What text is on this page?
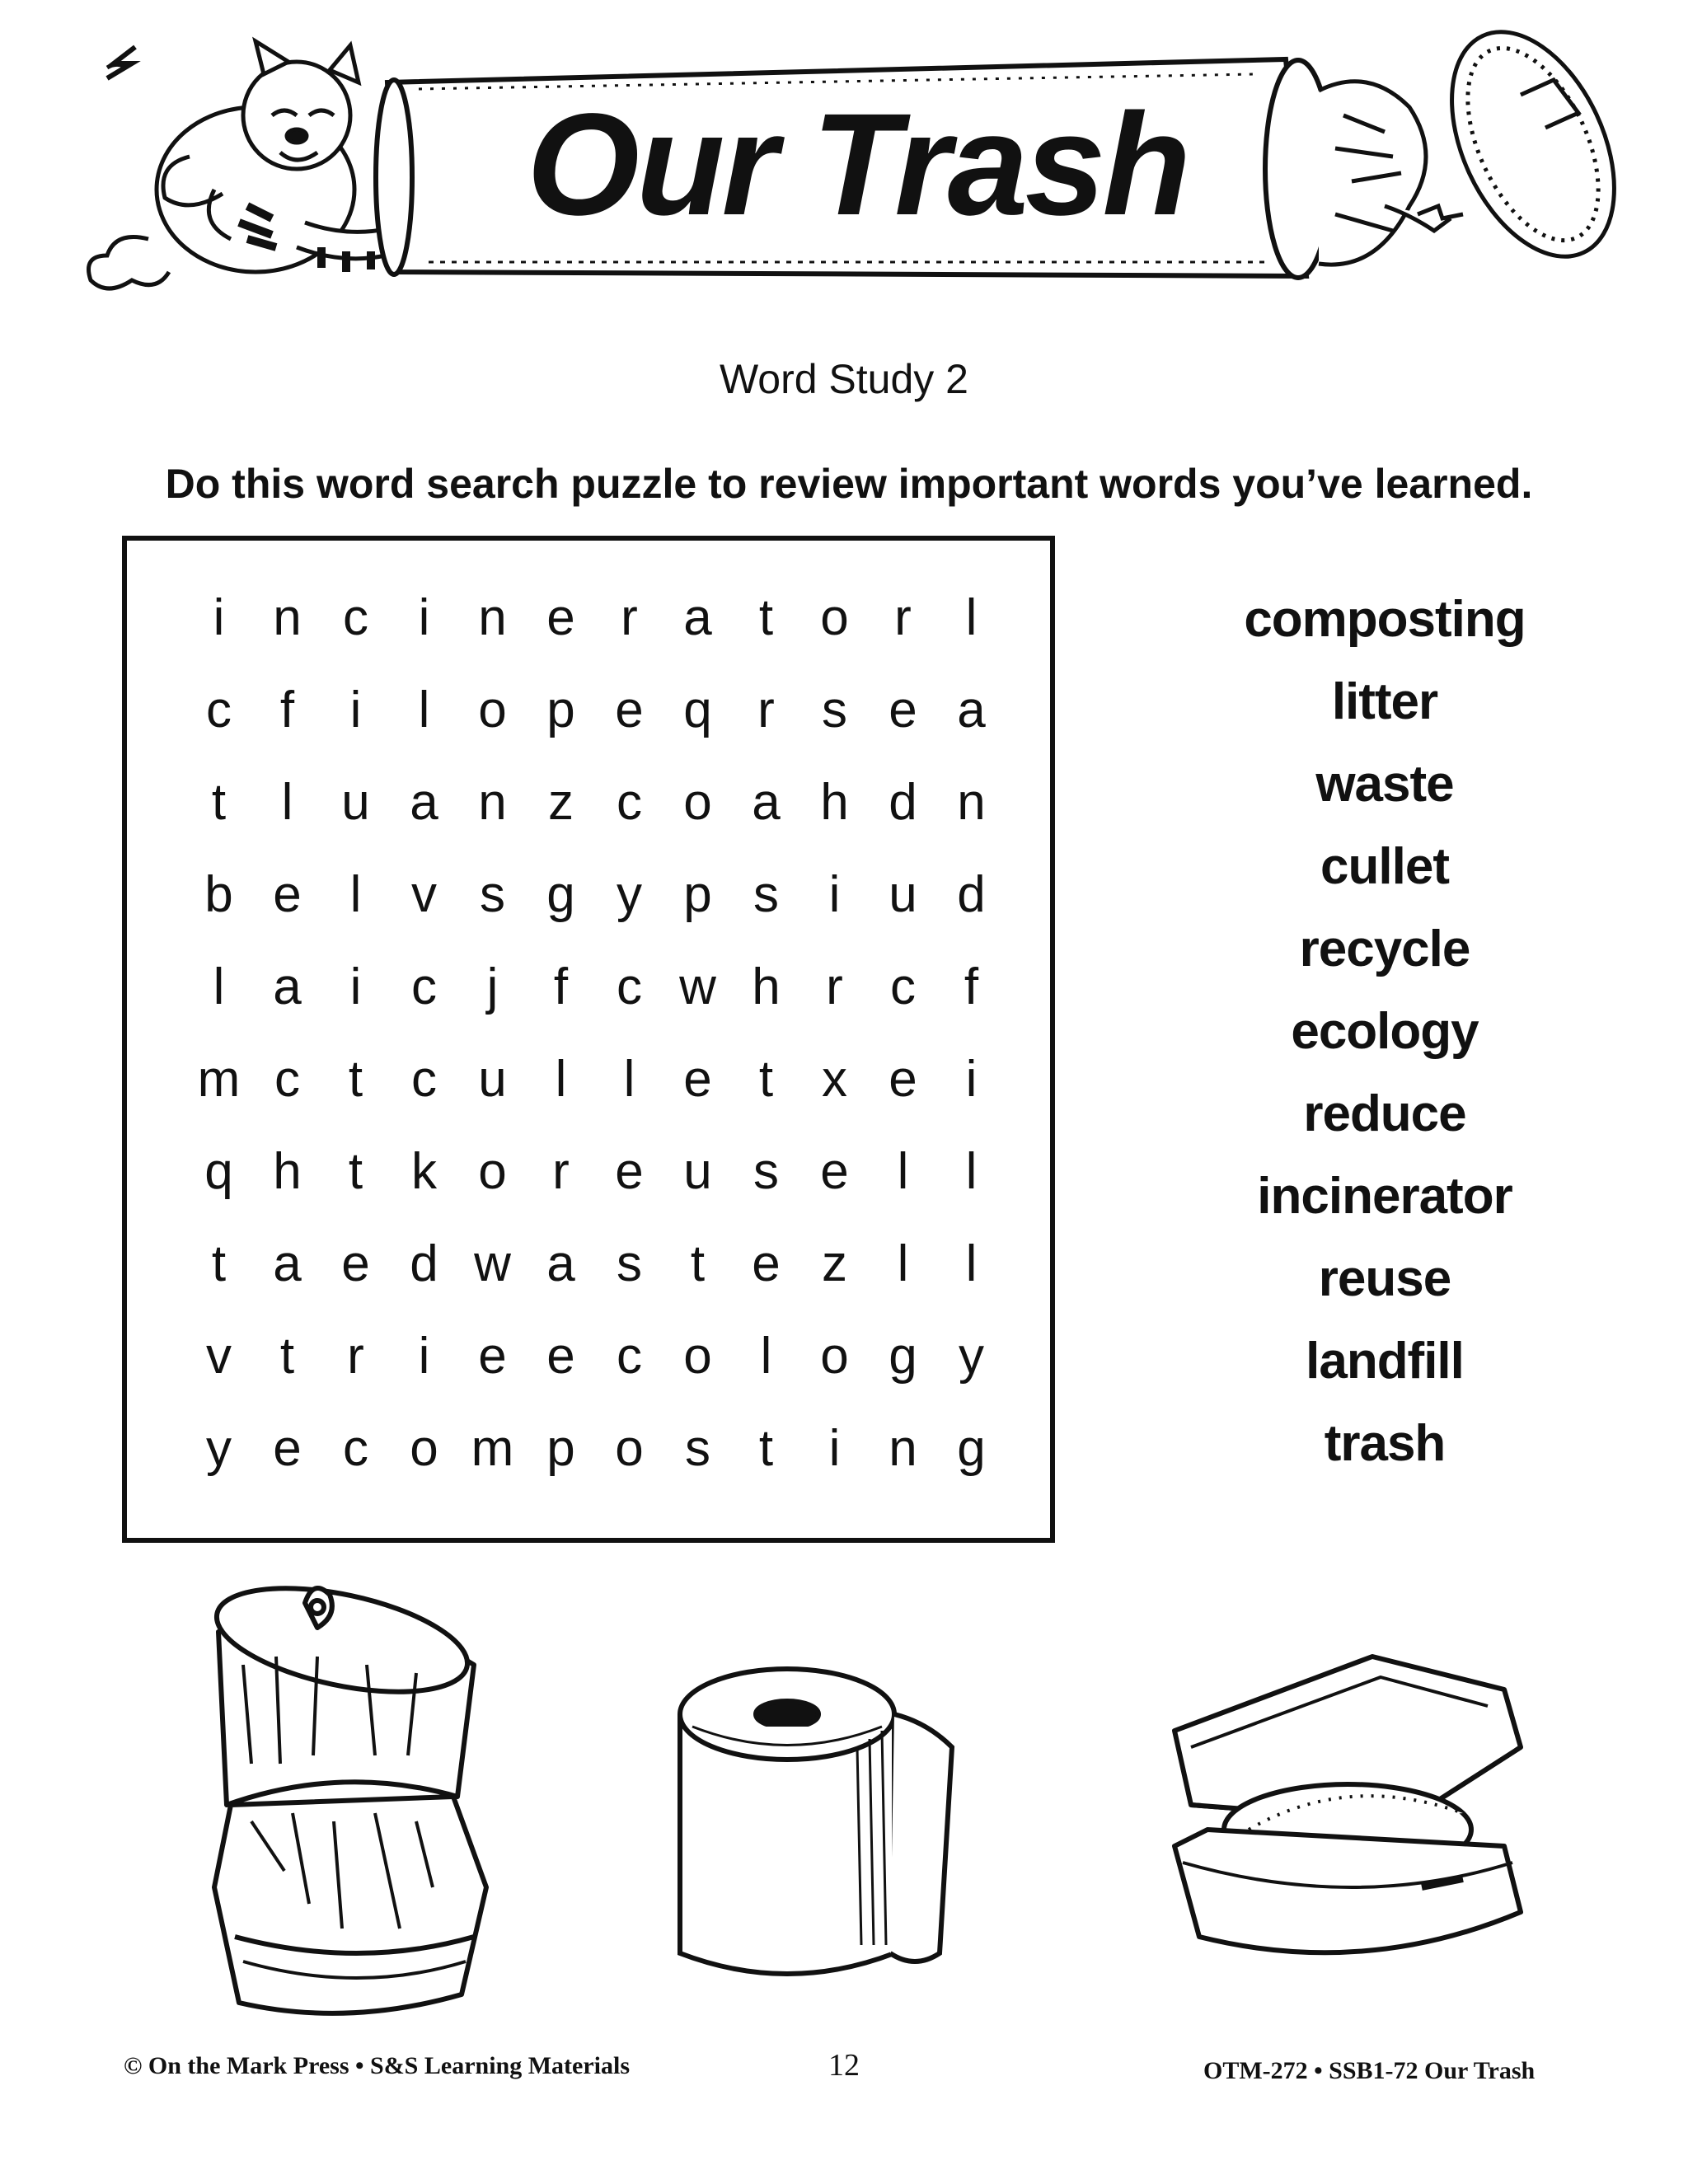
Our Trash
Word Study 2
Do this word search puzzle to review important words you’ve learned.
i n c i n e r a t o r	l
c f	i	l o p e q r s e a
t	l u a n z c o a h d n
b e l v s g y p s i u d
l a i c j	f c w h r c f
m c t c u l	l e t x e i
q h t k o r e u s e l	l
t a e d w a s t e z l	l
v t	r	i e e c o l o g y
y e c o m p o s t	i n g
composting
litter
waste
cullet
recycle
ecology
reduce
incinerator
reuse
landfill
trash
© On the Mark Press • S&S Learning Materials	12	OTM-272 • SSB1-72 Our Trash
